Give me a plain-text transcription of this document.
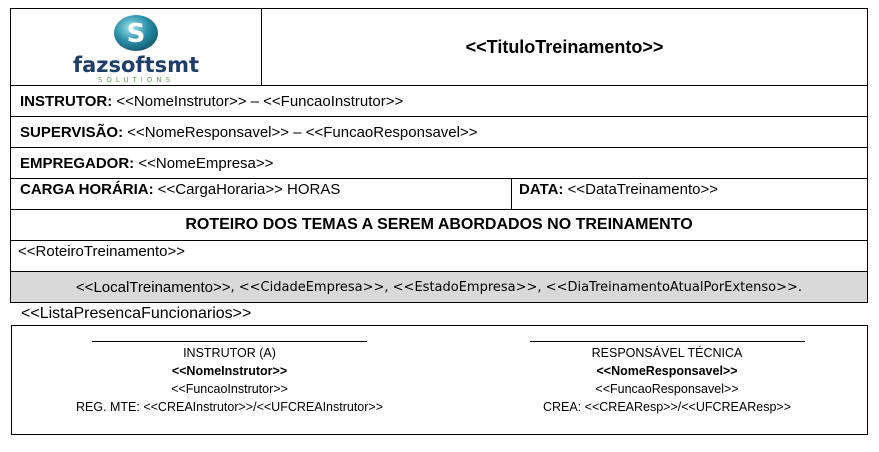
S
fazsoftsmt
SOLUTIONS
<<TituloTreinamento>>
INSTRUTOR: <<NomeInstrutor>> – <<FuncaoInstrutor>>
SUPERVISÃO: <<NomeResponsavel>> – <<FuncaoResponsavel>>
EMPREGADOR: <<NomeEmpresa>>
CARGA HORÁRIA: <<CargaHoraria>> HORAS	DATA: <<DataTreinamento>>
ROTEIRO DOS TEMAS A SEREM ABORDADOS NO TREINAMENTO
<<RoteiroTreinamento>>
<<LocalTreinamento>> , <<CidadeEmpresa>>, <<EstadoEmpresa>>, <<DiaTreinamentoAtualPorExtenso>>.
<<ListaPresencaFuncionarios>>
INSTRUTOR (A)
<<NomeInstrutor>>
<<FuncaoInstrutor>>
REG. MTE: <<CREAInstrutor>>/<<UFCREAInstrutor>>
RESPONSÁVEL TÉCNICA
<<NomeResponsavel>>
<<FuncaoResponsavel>>
CREA: <<CREAResp>>/<<UFCREAResp>>
